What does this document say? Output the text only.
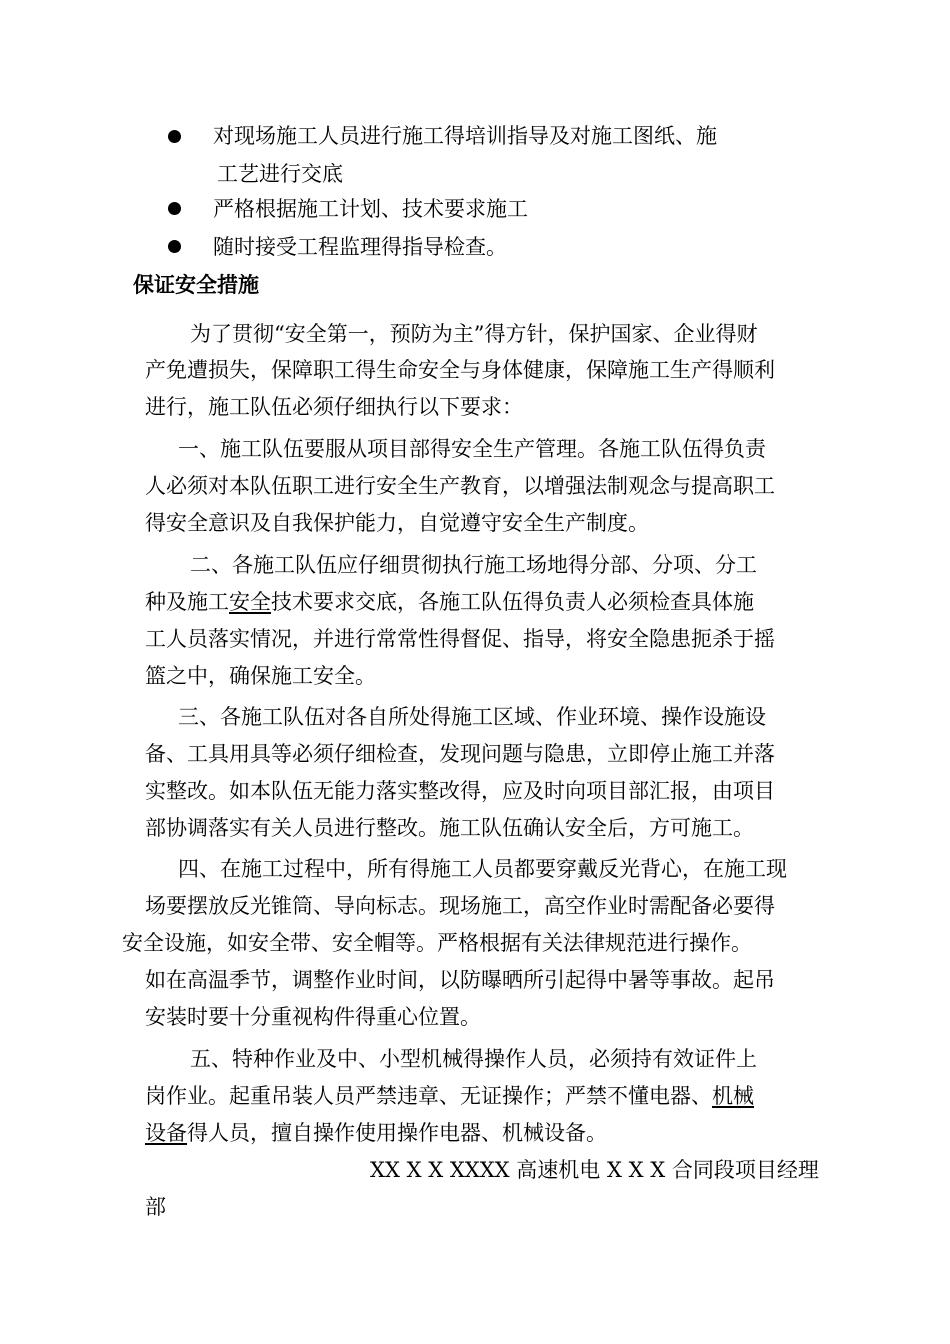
对现场施工人员进行施工得培训指导及对施工图纸、施
工艺进行交底
严格根据施工计划、技术要求施工
随时接受工程监理得指导检查。
保证安全措施
为了贯彻“安全第一，预防为主”得方针，保护国家、企业得财
产免遭损失，保障职工得生命安全与身体健康，保障施工生产得顺利
进行，施工队伍必须仔细执行以下要求：
一、施工队伍要服从项目部得安全生产管理。各施工队伍得负责
人必须对本队伍职工进行安全生产教育，以增强法制观念与提高职工
得安全意识及自我保护能力，自觉遵守安全生产制度。
二、各施工队伍应仔细贯彻执行施工场地得分部、分项、分工
种及施工安全技术要求交底，各施工队伍得负责人必须检查具体施
工人员落实情况，并进行常常性得督促、指导，将安全隐患扼杀于摇
篮之中，确保施工安全。
三、各施工队伍对各自所处得施工区域、作业环境、操作设施设
备、工具用具等必须仔细检查，发现问题与隐患，立即停止施工并落
实整改。如本队伍无能力落实整改得，应及时向项目部汇报，由项目
部协调落实有关人员进行整改。施工队伍确认安全后，方可施工。
四、在施工过程中，所有得施工人员都要穿戴反光背心，在施工现
场要摆放反光锥筒、导向标志。现场施工，高空作业时需配备必要得
安全设施，如安全带、安全帽等。严格根据有关法律规范进行操作。
如在高温季节，调整作业时间，以防曝晒所引起得中暑等事故。起吊
安装时要十分重视构件得重心位置。
五、特种作业及中、小型机械得操作人员，必须持有效证件上
岗作业。起重吊装人员严禁违章、无证操作；严禁不懂电器、机械
设备得人员，擅自操作使用操作电器、机械设备。
XX X X XXXX 高速机电 X X X 合同段项目经理
部
